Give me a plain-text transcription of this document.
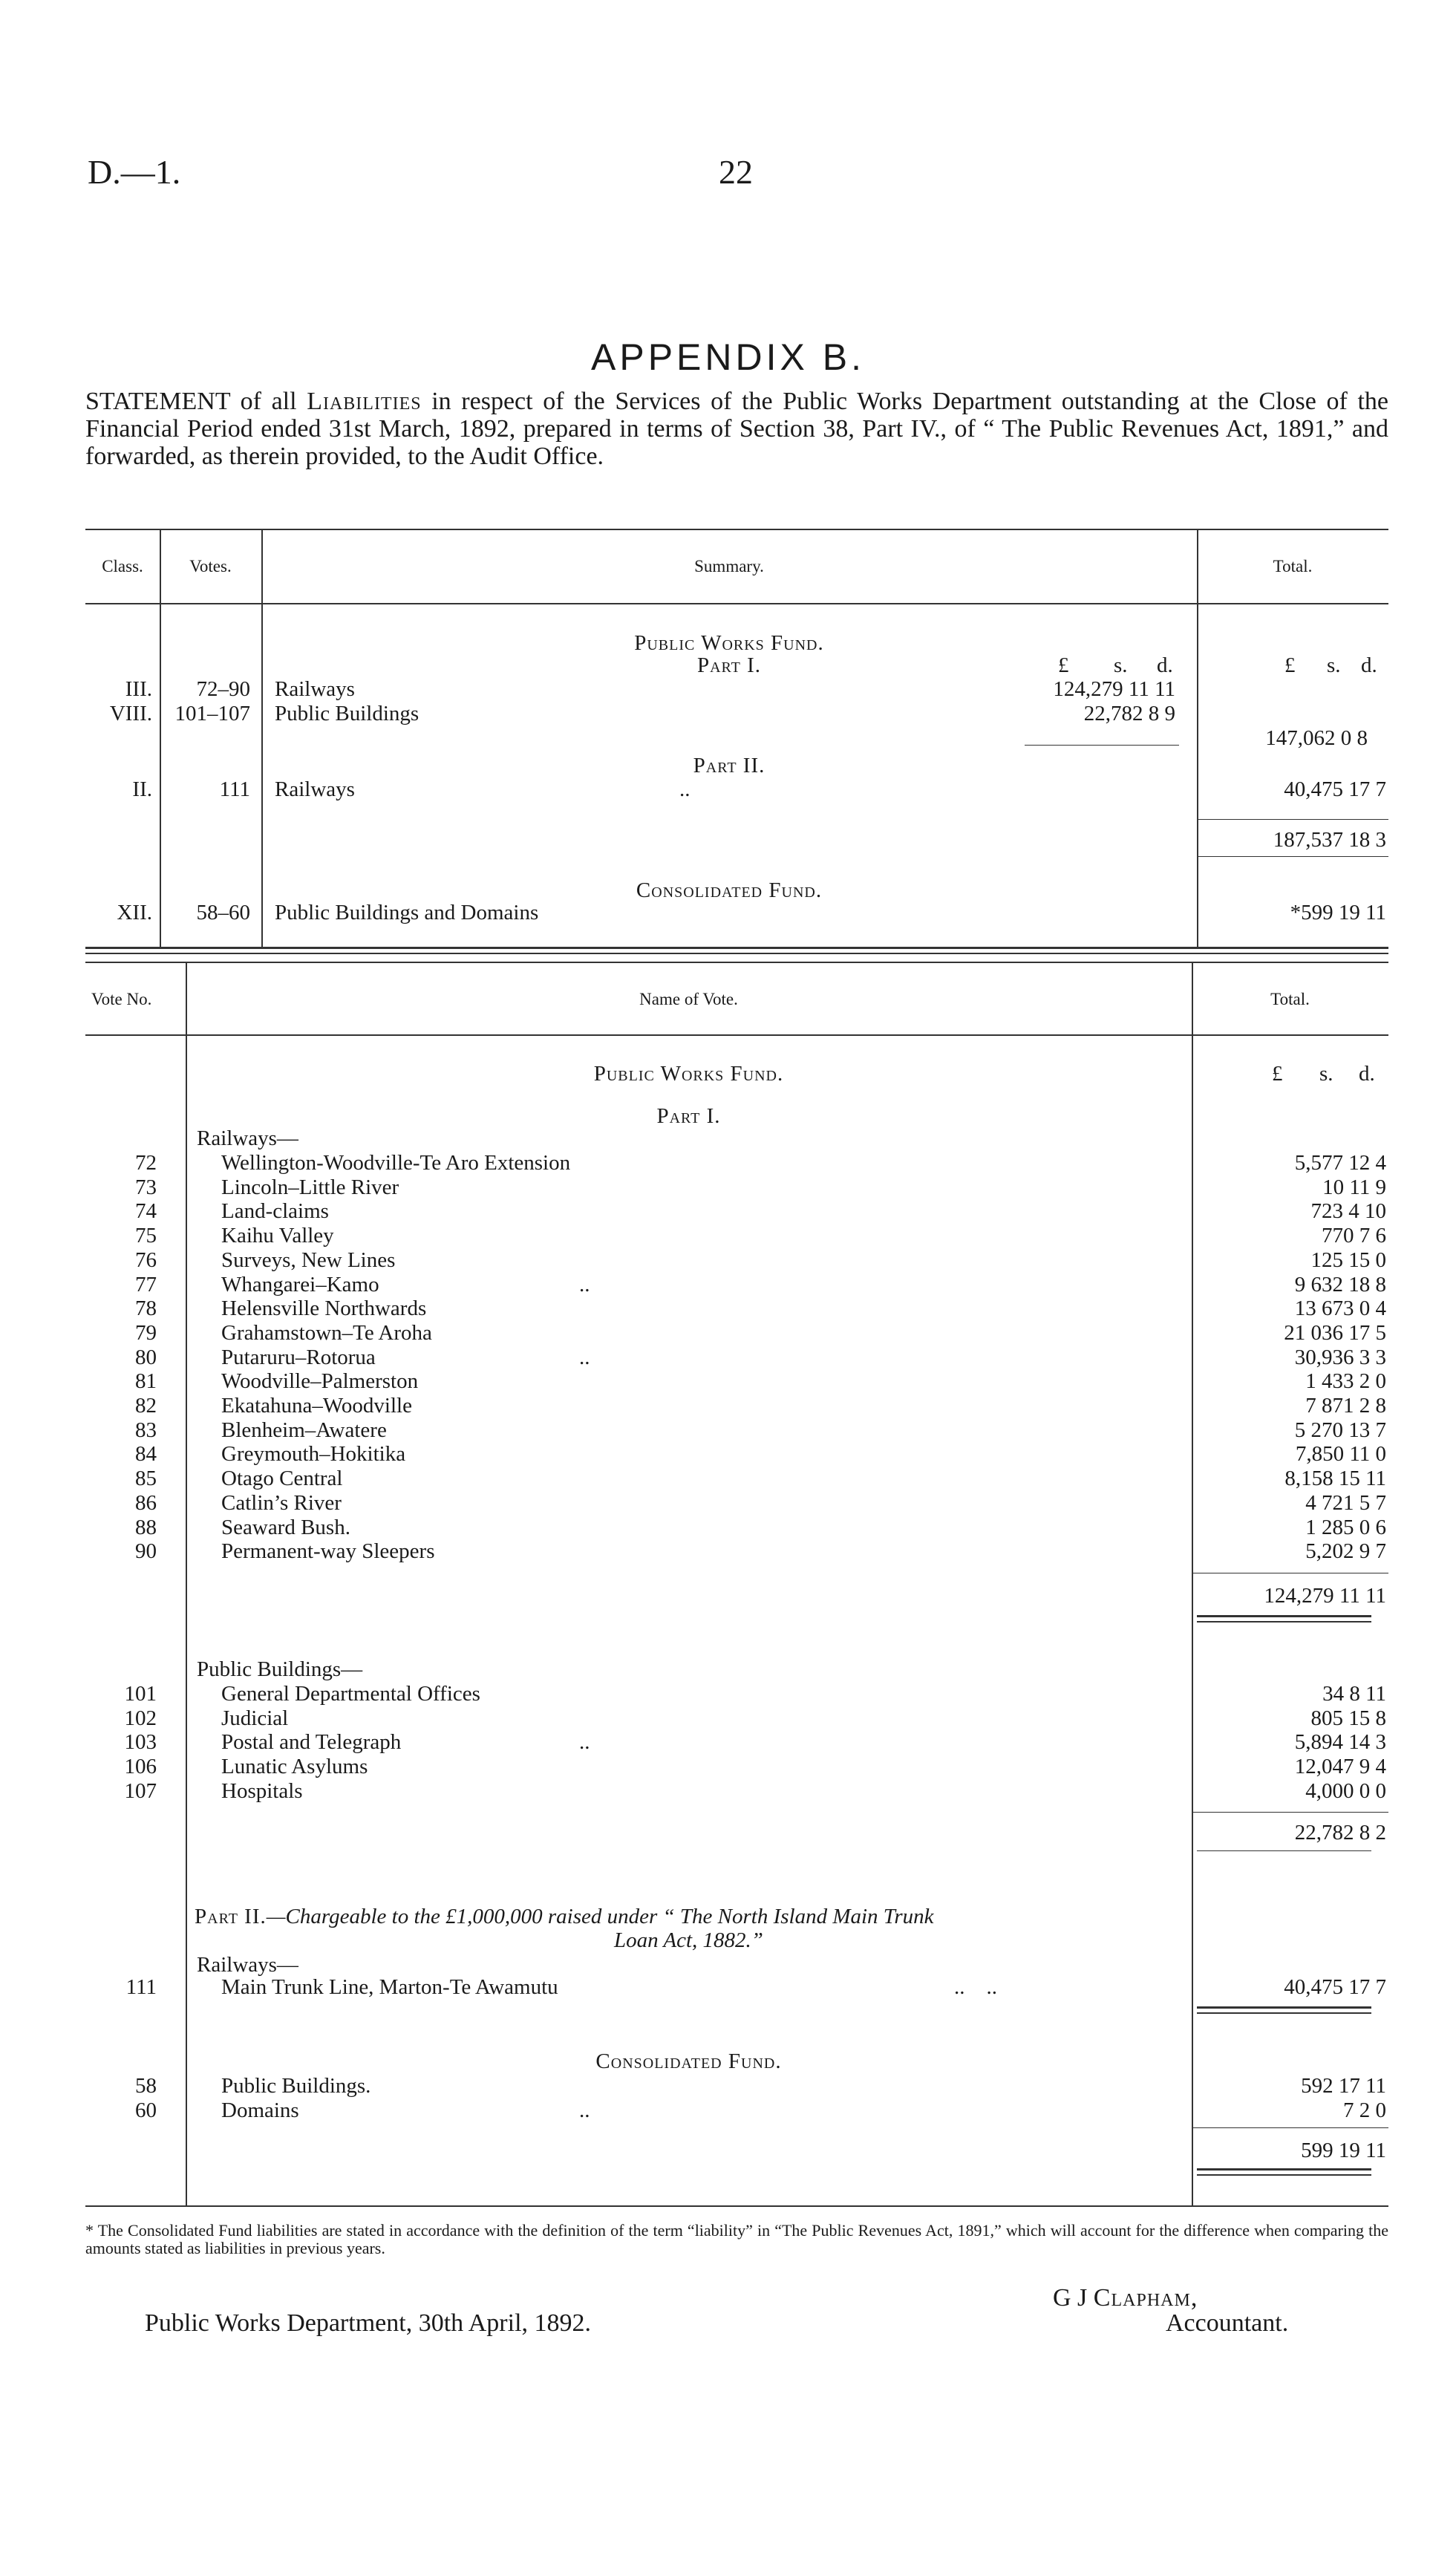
D.—1.	22
APPENDIX B.

STATEMENT of all Liabilities in respect of the Services of the Public Works Department outstanding at the Close of the Financial Period ended 31st March, 1892, prepared in terms of Section 38, Part IV., of “ The Public Revenues Act, 1891,” and forwarded, as therein provided, to the Audit Office.

Class.	Votes.	Summary.	Total.
Public Works Fund.
Part I.	£ s. d.	£ s. d.
III.	72–90 Railways	124,279 11 11
VIII.	101–107 Public Buildings	22,782 8 9
147,062 0 8
Part II.
II.	111 Railways	..	40,475 17 7
187,537 18 3
Consolidated Fund.
XII.	58–60 Public Buildings and Domains	*599 19 11
Vote No.	Name of Vote.	Total.
Public Works Fund.	£ s. d.
Part I.
Railways—
72	Wellington-Woodville-Te Aro Extension	5,577 12 4
73	Lincoln–Little River	10 11 9
74	Land-claims	723 4 10
75	Kaihu Valley	770 7 6
76	Surveys, New Lines	125 15 0
77	Whangarei–Kamo	9 632 18 8
..
78	Helensville Northwards	13 673 0 4
79	Grahamstown–Te Aroha	21 036 17 5
80	Putaruru–Rotorua	30,936 3 3
..
81	Woodville–Palmerston	1 433 2 0
82	Ekatahuna–Woodville	7 871 2 8
83	Blenheim–Awatere	5 270 13 7
84	Greymouth–Hokitika	7,850 11 0
85	Otago Central	8,158 15 11
86	Catlin’s River	4 721 5 7
88	Seaward Bush.	1 285 0 6
90	Permanent-way Sleepers	5,202 9 7
124,279 11 11
Public Buildings—
101	General Departmental Offices	34 8 11
102	Judicial	805 15 8
103	Postal and Telegraph	5,894 14 3
..
106	Lunatic Asylums	12,047 9 4
107	Hospitals	4,000 0 0
22,782 8 2
Part II.—Chargeable to the £1,000,000 raised under “ The North Island Main Trunk
Loan Act, 1882.”
Railways—
111	Main Trunk Line, Marton-Te Awamutu	..    ..	40,475 17 7
Consolidated Fund.
58	Public Buildings.	592 17 11
60	Domains	7 2 0
..
599 19 11
* The Consolidated Fund liabilities are stated in accordance with the definition of the term “liability” in “The Public Revenues Act, 1891,” which will account for the difference when comparing the amounts stated as liabilities in previous years.
G J Clapham,
Public Works Department, 30th April, 1892.	Accountant.
